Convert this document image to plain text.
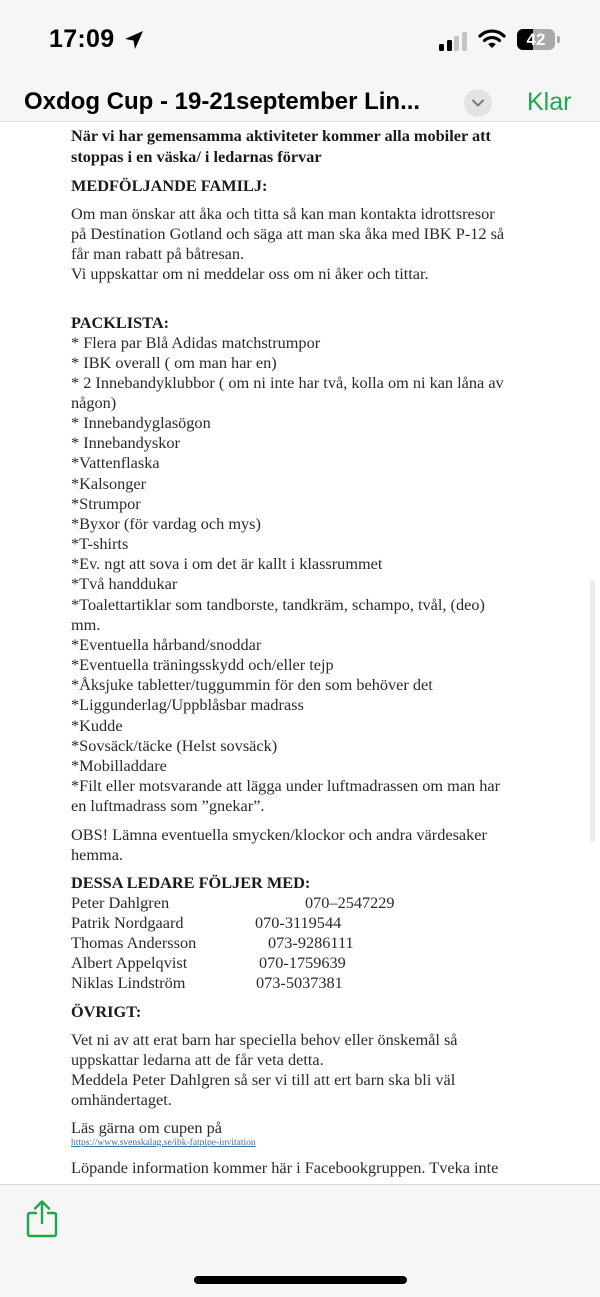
När vi har gemensamma aktiviteter kommer alla mobiler att
stoppas i en väska/ i ledarnas förvar
MEDFÖLJANDE FAMILJ:
Om man önskar att åka och titta så kan man kontakta idrottsresor
på Destination Gotland och säga att man ska åka med IBK P-12 så
får man rabatt på båtresan.
Vi uppskattar om ni meddelar oss om ni åker och tittar.
PACKLISTA:
* Flera par Blå Adidas matchstrumpor
* IBK overall ( om man har en)
* 2 Innebandyklubbor ( om ni inte har två, kolla om ni kan låna av
någon)
* Innebandyglasögon
* Innebandyskor
*Vattenflaska
*Kalsonger
*Strumpor
*Byxor (för vardag och mys)
*T-shirts
*Ev. ngt att sova i om det är kallt i klassrummet
*Två handdukar
*Toalettartiklar som tandborste, tandkräm, schampo, tvål, (deo)
mm.
*Eventuella hårband/snoddar
*Eventuella träningsskydd och/eller tejp
*Åksjuke tabletter/tuggummin för den som behöver det
*Liggunderlag/Uppblåsbar madrass
*Kudde
*Sovsäck/täcke (Helst sovsäck)
*Mobilladdare
*Filt eller motsvarande att lägga under luftmadrassen om man har
en luftmadrass som ”gnekar”.
OBS! Lämna eventuella smycken/klockor och andra värdesaker
hemma.
DESSA LEDARE FÖLJER MED:
Peter Dahlgren	070–2547229
Patrik Nordgaard	070-3119544
Thomas Andersson	073-9286111
Albert Appelqvist	070-1759639
Niklas Lindström	073-5037381
ÖVRIGT:
Vet ni av att erat barn har speciella behov eller önskemål så
uppskattar ledarna att de får veta detta.
Meddela Peter Dahlgren så ser vi till att ert barn ska bli väl
omhändertaget.
Läs gärna om cupen på
https://www.svenskalag.se/ibk-fatpipe-invitation
Löpande information kommer här i Facebookgruppen. Tveka inte
17:09	42
Oxdog Cup - 19-21september Lin...	Klar
